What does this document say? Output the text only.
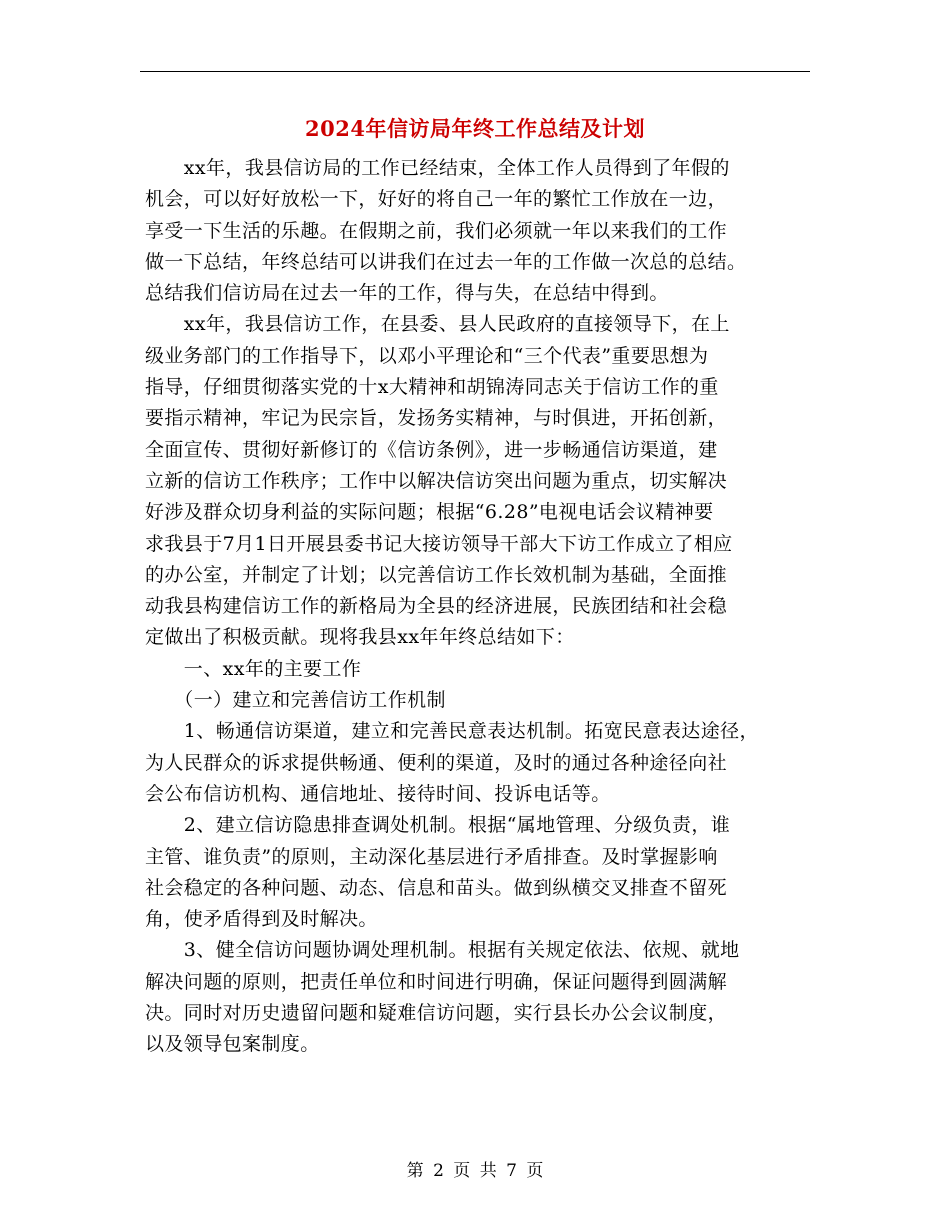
2024年信访局年终工作总结及计划
　　xx年，我县信访局的工作已经结束，全体工作人员得到了年假的
机会，可以好好放松一下，好好的将自己一年的繁忙工作放在一边，
享受一下生活的乐趣。在假期之前，我们必须就一年以来我们的工作
做一下总结，年终总结可以讲我们在过去一年的工作做一次总的总结。
总结我们信访局在过去一年的工作，得与失，在总结中得到。
　　xx年，我县信访工作，在县委、县人民政府的直接领导下，在上
级业务部门的工作指导下，以邓小平理论和“三个代表”重要思想为
指导，仔细贯彻落实党的十x大精神和胡锦涛同志关于信访工作的重
要指示精神，牢记为民宗旨，发扬务实精神，与时俱进，开拓创新，
全面宣传、贯彻好新修订的《信访条例》，进一步畅通信访渠道，建
立新的信访工作秩序；工作中以解决信访突出问题为重点，切实解决
好涉及群众切身利益的实际问题；根据“6.28”电视电话会议精神要
求我县于7月1日开展县委书记大接访领导干部大下访工作成立了相应
的办公室，并制定了计划；以完善信访工作长效机制为基础，全面推
动我县构建信访工作的新格局为全县的经济进展，民族团结和社会稳
定做出了积极贡献。现将我县xx年年终总结如下：
　　一、xx年的主要工作
　　（一）建立和完善信访工作机制
　　1、畅通信访渠道，建立和完善民意表达机制。拓宽民意表达途径，
为人民群众的诉求提供畅通、便利的渠道，及时的通过各种途径向社
会公布信访机构、通信地址、接待时间、投诉电话等。
　　2、建立信访隐患排查调处机制。根据“属地管理、分级负责，谁
主管、谁负责”的原则，主动深化基层进行矛盾排查。及时掌握影响
社会稳定的各种问题、动态、信息和苗头。做到纵横交叉排查不留死
角，使矛盾得到及时解决。
　　3、健全信访问题协调处理机制。根据有关规定依法、依规、就地
解决问题的原则，把责任单位和时间进行明确，保证问题得到圆满解
决。同时对历史遗留问题和疑难信访问题，实行县长办公会议制度，
以及领导包案制度。
第 2 页 共 7 页
